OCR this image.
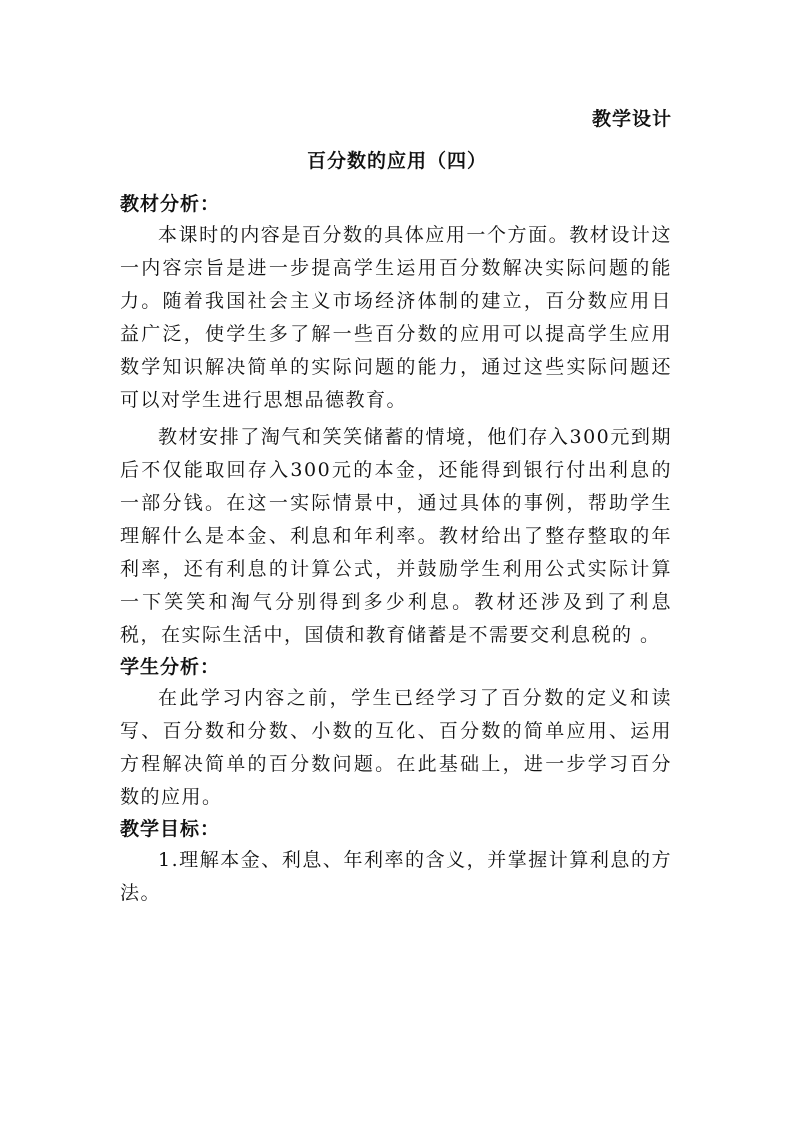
教学设计
百分数的应用（四）

教材分析：

本课时的内容是百分数的具体应用一个方面。教材设计这一内容宗旨是进一步提高学生运用百分数解决实际问题的能力。随着我国社会主义市场经济体制的建立，百分数应用日益广泛，使学生多了解一些百分数的应用可以提高学生应用数学知识解决简单的实际问题的能力，通过这些实际问题还可以对学生进行思想品德教育。

教材安排了淘气和笑笑储蓄的情境，他们存入300元到期后不仅能取回存入300元的本金，还能得到银行付出利息的一部分钱。在这一实际情景中，通过具体的事例，帮助学生理解什么是本金、利息和年利率。教材给出了整存整取的年利率，还有利息的计算公式，并鼓励学生利用公式实际计算一下笑笑和淘气分别得到多少利息。教材还涉及到了利息税，在实际生活中，国债和教育储蓄是不需要交利息税的 。

学生分析：

在此学习内容之前，学生已经学习了百分数的定义和读写、百分数和分数、小数的互化、百分数的简单应用、运用方程解决简单的百分数问题。在此基础上，进一步学习百分数的应用。

教学目标：

1.理解本金、利息、年利率的含义，并掌握计算利息的方法。
